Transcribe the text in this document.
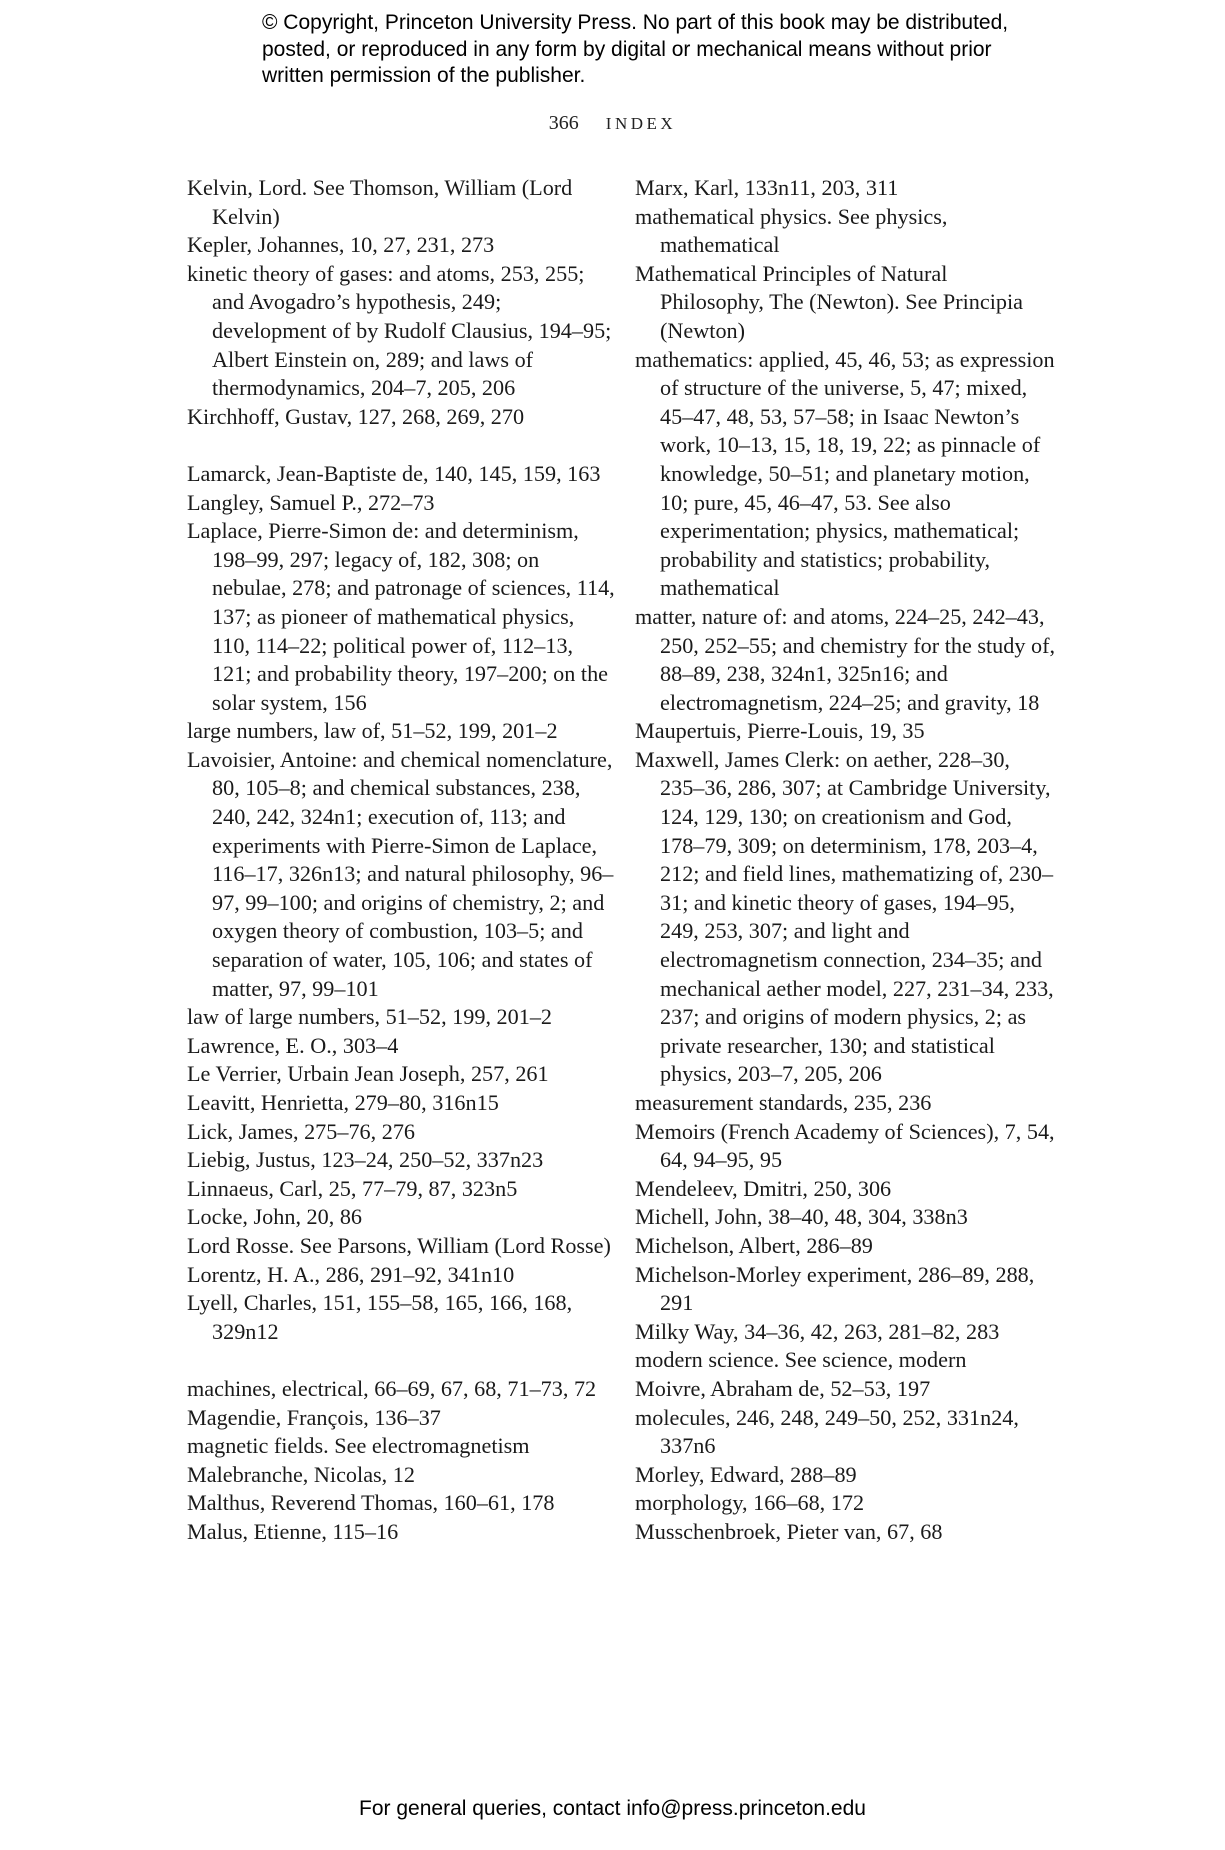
© Copyright, Princeton University Press. No part of this book may be distributed, posted, or reproduced in any form by digital or mechanical means without prior written permission of the publisher.
366 INDEX

Kelvin, Lord. See Thomson, William (Lord Kelvin)

Kepler, Johannes, 10, 27, 231, 273

kinetic theory of gases: and atoms, 253, 255; and Avogadro’s hypothesis, 249; development of by Rudolf Clausius, 194–95; Albert Einstein on, 289; and laws of thermodynamics, 204–7, 205, 206

Kirchhoff, Gustav, 127, 268, 269, 270

Lamarck, Jean-Baptiste de, 140, 145, 159, 163

Langley, Samuel P., 272–73

Laplace, Pierre-Simon de: and determinism, 198–99, 297; legacy of, 182, 308; on nebulae, 278; and patronage of sciences, 114, 137; as pioneer of mathematical physics, 110, 114–22; political power of, 112–13, 121; and probability theory, 197–200; on the solar system, 156

large numbers, law of, 51–52, 199, 201–2

Lavoisier, Antoine: and chemical nomenclature, 80, 105–8; and chemical substances, 238, 240, 242, 324n1; execution of, 113; and experiments with Pierre-Simon de Laplace, 116–17, 326n13; and natural philosophy, 96–97, 99–100; and origins of chemistry, 2; and oxygen theory of combustion, 103–5; and separation of water, 105, 106; and states of matter, 97, 99–101

law of large numbers, 51–52, 199, 201–2

Lawrence, E. O., 303–4

Le Verrier, Urbain Jean Joseph, 257, 261

Leavitt, Henrietta, 279–80, 316n15

Lick, James, 275–76, 276

Liebig, Justus, 123–24, 250–52, 337n23

Linnaeus, Carl, 25, 77–79, 87, 323n5

Locke, John, 20, 86

Lord Rosse. See Parsons, William (Lord Rosse)

Lorentz, H. A., 286, 291–92, 341n10

Lyell, Charles, 151, 155–58, 165, 166, 168, 329n12

machines, electrical, 66–69, 67, 68, 71–73, 72

Magendie, François, 136–37

magnetic fields. See electromagnetism

Malebranche, Nicolas, 12

Malthus, Reverend Thomas, 160–61, 178

Malus, Etienne, 115–16

Marx, Karl, 133n11, 203, 311

mathematical physics. See physics, mathematical

Mathematical Principles of Natural Philosophy, The (Newton). See Principia (Newton)

mathematics: applied, 45, 46, 53; as expression of structure of the universe, 5, 47; mixed, 45–47, 48, 53, 57–58; in Isaac Newton’s work, 10–13, 15, 18, 19, 22; as pinnacle of knowledge, 50–51; and planetary motion, 10; pure, 45, 46–47, 53. See also experimentation; physics, mathematical; probability and statistics; probability, mathematical

matter, nature of: and atoms, 224–25, 242–43, 250, 252–55; and chemistry for the study of, 88–89, 238, 324n1, 325n16; and electromagnetism, 224–25; and gravity, 18

Maupertuis, Pierre-Louis, 19, 35

Maxwell, James Clerk: on aether, 228–30, 235–36, 286, 307; at Cambridge University, 124, 129, 130; on creationism and God, 178–79, 309; on determinism, 178, 203–4, 212; and field lines, mathematizing of, 230–31; and kinetic theory of gases, 194–95, 249, 253, 307; and light and electromagnetism connection, 234–35; and mechanical aether model, 227, 231–34, 233, 237; and origins of modern physics, 2; as private researcher, 130; and statistical physics, 203–7, 205, 206

measurement standards, 235, 236

Memoirs (French Academy of Sciences), 7, 54, 64, 94–95, 95

Mendeleev, Dmitri, 250, 306

Michell, John, 38–40, 48, 304, 338n3

Michelson, Albert, 286–89

Michelson-Morley experiment, 286–89, 288, 291

Milky Way, 34–36, 42, 263, 281–82, 283

modern science. See science, modern

Moivre, Abraham de, 52–53, 197

molecules, 246, 248, 249–50, 252, 331n24, 337n6

Morley, Edward, 288–89

morphology, 166–68, 172

Musschenbroek, Pieter van, 67, 68

For general queries, contact info@press.princeton.edu
